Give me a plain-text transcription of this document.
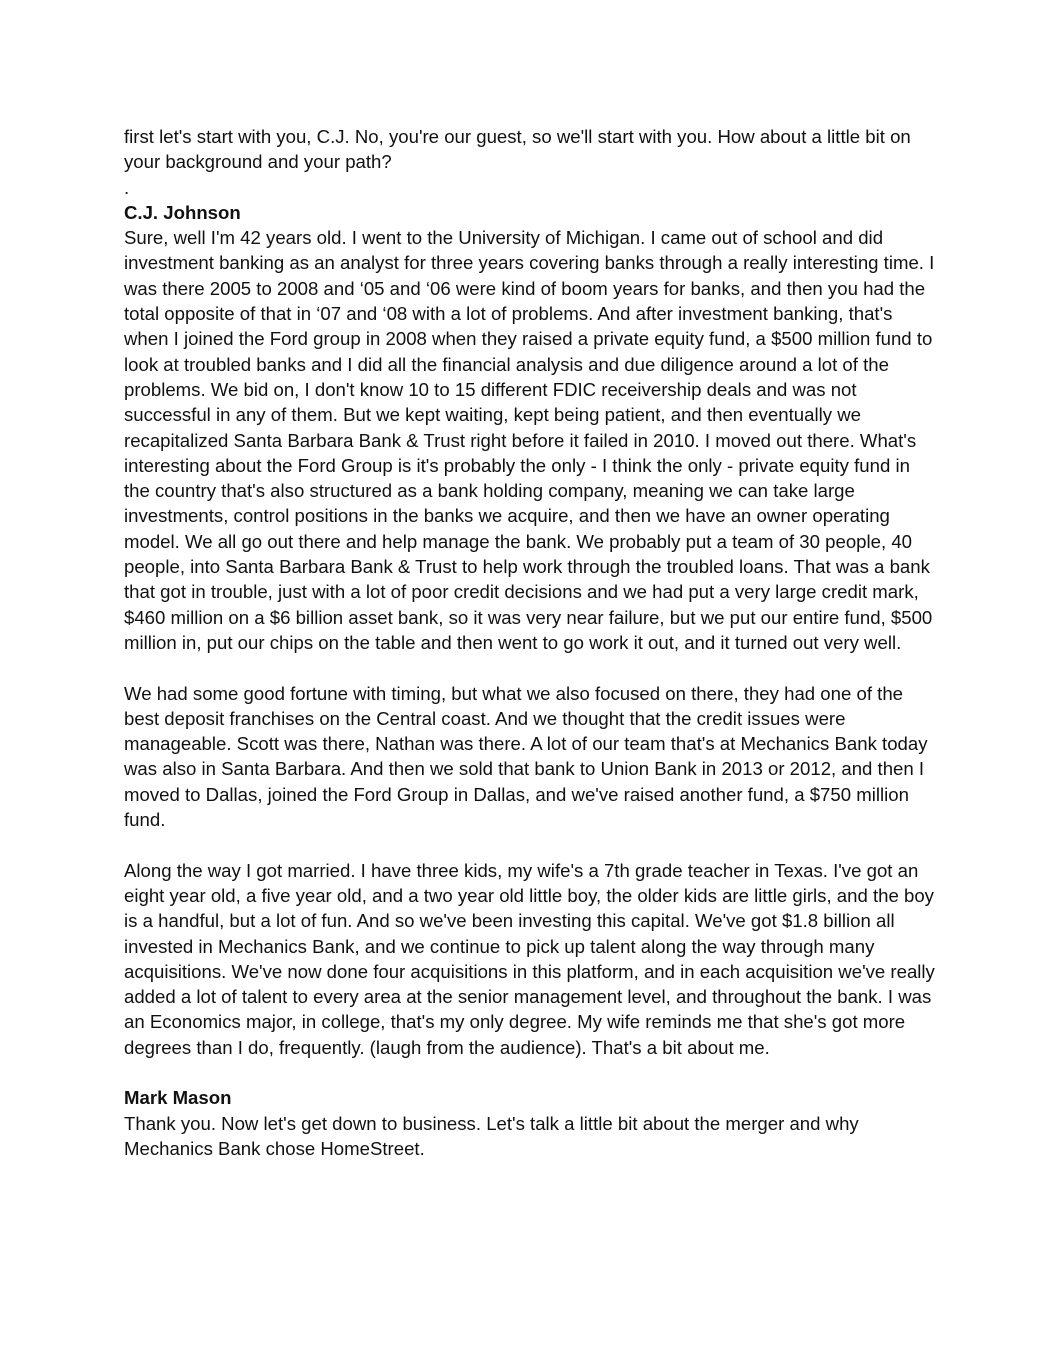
first let's start with you, C.J. No, you're our guest, so we'll start with you. How about a little bit on your background and your path?

.

C.J. Johnson

Sure, well I'm 42 years old. I went to the University of Michigan. I came out of school and did investment banking as an analyst for three years covering banks through a really interesting time. I was there 2005 to 2008 and ‘05 and ‘06 were kind of boom years for banks, and then you had the total opposite of that in ‘07 and ‘08 with a lot of problems. And after investment banking, that's when I joined the Ford group in 2008 when they raised a private equity fund, a $500 million fund to look at troubled banks and I did all the financial analysis and due diligence around a lot of the problems. We bid on, I don't know 10 to 15 different FDIC receivership deals and was not successful in any of them. But we kept waiting, kept being patient, and then eventually we recapitalized Santa Barbara Bank & Trust right before it failed in 2010. I moved out there. What's interesting about the Ford Group is it's probably the only - I think the only - private equity fund in the country that's also structured as a bank holding company, meaning we can take large investments, control positions in the banks we acquire, and then we have an owner operating model. We all go out there and help manage the bank. We probably put a team of 30 people, 40 people, into Santa Barbara Bank & Trust to help work through the troubled loans. That was a bank that got in trouble, just with a lot of poor credit decisions and we had put a very large credit mark, $460 million on a $6 billion asset bank, so it was very near failure, but we put our entire fund, $500 million in, put our chips on the table and then went to go work it out, and it turned out very well.

We had some good fortune with timing, but what we also focused on there, they had one of the best deposit franchises on the Central coast. And we thought that the credit issues were manageable. Scott was there, Nathan was there. A lot of our team that's at Mechanics Bank today was also in Santa Barbara. And then we sold that bank to Union Bank in 2013 or 2012, and then I moved to Dallas, joined the Ford Group in Dallas, and we've raised another fund, a $750 million fund.

Along the way I got married. I have three kids, my wife's a 7th grade teacher in Texas. I've got an eight year old, a five year old, and a two year old little boy, the older kids are little girls, and the boy is a handful, but a lot of fun. And so we've been investing this capital. We've got $1.8 billion all invested in Mechanics Bank, and we continue to pick up talent along the way through many acquisitions. We've now done four acquisitions in this platform, and in each acquisition we've really added a lot of talent to every area at the senior management level, and throughout the bank. I was an Economics major, in college, that's my only degree. My wife reminds me that she's got more degrees than I do, frequently. (laugh from the audience). That's a bit about me.

Mark Mason

Thank you. Now let's get down to business. Let's talk a little bit about the merger and why Mechanics Bank chose HomeStreet.
